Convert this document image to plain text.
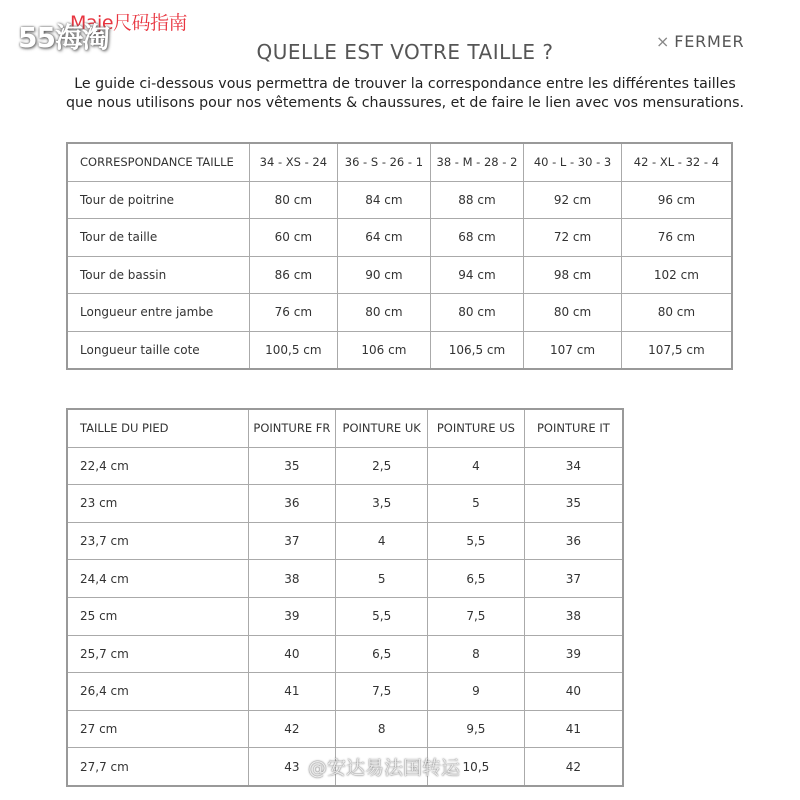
Maje尺码指南
55海淘	QUELLE EST VOTRE TAILLE ?	× FERMER
Le guide ci-dessous vous permettra de trouver la correspondance entre les différentes tailles
que nous utilisons pour nos vêtements & chaussures, et de faire le lien avec vos mensurations.
CORRESPONDANCE TAILLE	34 - XS - 24	36 - S - 26 - 1	38 - M - 28 - 2	40 - L - 30 - 3	42 - XL - 32 - 4
Tour de poitrine	80 cm	84 cm	88 cm	92 cm	96 cm
Tour de taille	60 cm	64 cm	68 cm	72 cm	76 cm
Tour de bassin	86 cm	90 cm	94 cm	98 cm	102 cm
Longueur entre jambe	76 cm	80 cm	80 cm	80 cm	80 cm
Longueur taille cote	100,5 cm	106 cm	106,5 cm	107 cm	107,5 cm
TAILLE DU PIED	POINTURE FR	POINTURE UK	POINTURE US	POINTURE IT
22,4 cm	35	2,5	4	34
23 cm	36	3,5	5	35
23,7 cm	37	4	5,5	36
24,4 cm	38	5	6,5	37
25 cm	39	5,5	7,5	38
25,7 cm	40	6,5	8	39
26,4 cm	41	7,5	9	40
27 cm	42	8	9,5	41
27,7 cm	43		10,5	42
@安达易法国转运
